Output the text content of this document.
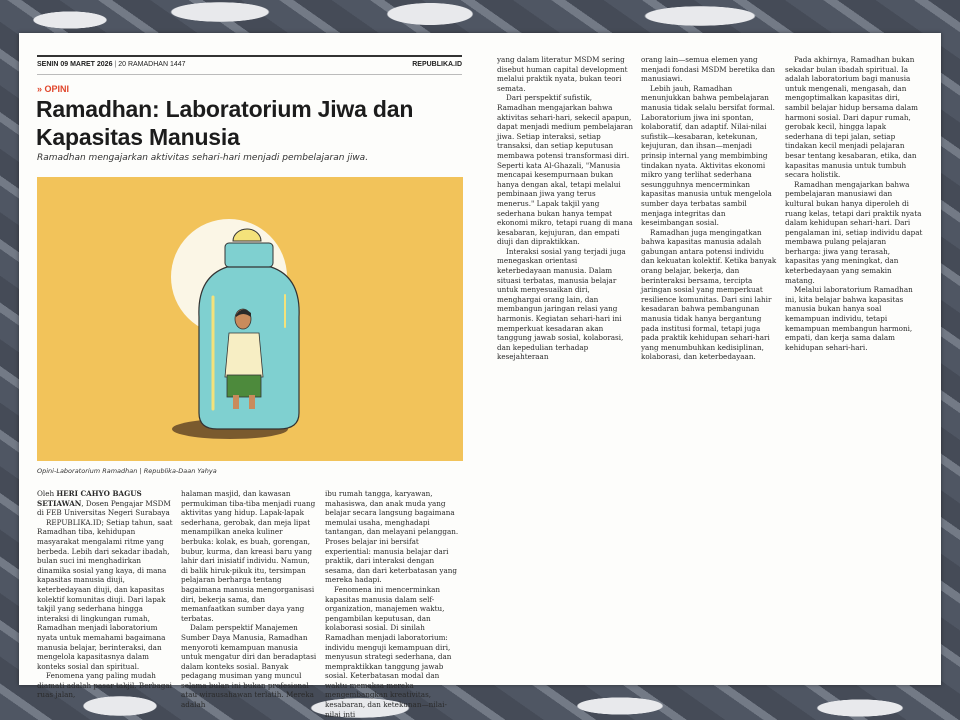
SENIN 09 MARET 2026 | 20 RAMADHAN 1447	REPUBLIKA.ID
» OPINI
Ramadhan: Laboratorium Jiwa dan Kapasitas Manusia
Ramadhan mengajarkan aktivitas sehari-hari menjadi pembelajaran jiwa.
Opini-Laboratorium Ramadhan | Republika-Daan Yahya

Oleh HERI CAHYO BAGUS SETIAWAN, Dosen Pengajar MSDM di FEB Universitas Negeri Surabaya

REPUBLIKA.ID; Setiap tahun, saat Ramadhan tiba, kehidupan masyarakat mengalami ritme yang berbeda. Lebih dari sekadar ibadah, bulan suci ini menghadirkan dinamika sosial yang kaya, di mana kapasitas manusia diuji, keterbedayaan diuji, dan kapasitas kolektif komunitas diuji. Dari lapak takjil yang sederhana hingga interaksi di lingkungan rumah, Ramadhan menjadi laboratorium nyata untuk memahami bagaimana manusia belajar, berinteraksi, dan mengelola kapasitasnya dalam konteks sosial dan spiritual.

Fenomena yang paling mudah diamati adalah pasar takjil. Berbagai ruas jalan,

halaman masjid, dan kawasan permukiman tiba-tiba menjadi ruang aktivitas yang hidup. Lapak-lapak sederhana, gerobak, dan meja lipat menampilkan aneka kuliner berbuka: kolak, es buah, gorengan, bubur, kurma, dan kreasi baru yang lahir dari inisiatif individu. Namun, di balik hiruk-pikuk itu, tersimpan pelajaran berharga tentang bagaimana manusia mengorganisasi diri, bekerja sama, dan memanfaatkan sumber daya yang terbatas.

Dalam perspektif Manajemen Sumber Daya Manusia, Ramadhan menyoroti kemampuan manusia untuk mengatur diri dan beradaptasi dalam konteks sosial. Banyak pedagang musiman yang muncul selama bulan ini bukan profesional atau wirausahawan terlatih. Mereka adalah

ibu rumah tangga, karyawan, mahasiswa, dan anak muda yang belajar secara langsung bagaimana memulai usaha, menghadapi tantangan, dan melayani pelanggan. Proses belajar ini bersifat experiential: manusia belajar dari praktik, dari interaksi dengan sesama, dan dari keterbatasan yang mereka hadapi.

Fenomena ini mencerminkan kapasitas manusia dalam self-organization, manajemen waktu, pengambilan keputusan, dan kolaborasi sosial. Di sinilah Ramadhan menjadi laboratorium: individu menguji kemampuan diri, menyusun strategi sederhana, dan mempraktikkan tanggung jawab sosial. Keterbatasan modal dan waktu memaksa mereka mengembangkan kreativitas, kesabaran, dan ketekunan—nilai-nilai inti

yang dalam literatur MSDM sering disebut human capital development melalui praktik nyata, bukan teori semata.

Dari perspektif sufistik, Ramadhan mengajarkan bahwa aktivitas sehari-hari, sekecil apapun, dapat menjadi medium pembelajaran jiwa. Setiap interaksi, setiap transaksi, dan setiap keputusan membawa potensi transformasi diri. Seperti kata Al-Ghazali, "Manusia mencapai kesempurnaan bukan hanya dengan akal, tetapi melalui pembinaan jiwa yang terus menerus." Lapak takjil yang sederhana bukan hanya tempat ekonomi mikro, tetapi ruang di mana kesabaran, kejujuran, dan empati diuji dan dipraktikkan.

Interaksi sosial yang terjadi juga menegaskan orientasi keterbedayaan manusia. Dalam situasi terbatas, manusia belajar untuk menyesuaikan diri, menghargai orang lain, dan membangun jaringan relasi yang harmonis. Kegiatan sehari-hari ini memperkuat kesadaran akan tanggung jawab sosial, kolaborasi, dan kepedulian terhadap kesejahteraan

orang lain—semua elemen yang menjadi fondasi MSDM beretika dan manusiawi.

Lebih jauh, Ramadhan menunjukkan bahwa pembelajaran manusia tidak selalu bersifat formal. Laboratorium jiwa ini spontan, kolaboratif, dan adaptif. Nilai-nilai sufistik—kesabaran, ketekunan, kejujuran, dan ihsan—menjadi prinsip internal yang membimbing tindakan nyata. Aktivitas ekonomi mikro yang terlihat sederhana sesungguhnya mencerminkan kapasitas manusia untuk mengelola sumber daya terbatas sambil menjaga integritas dan keseimbangan sosial.

Ramadhan juga mengingatkan bahwa kapasitas manusia adalah gabungan antara potensi individu dan kekuatan kolektif. Ketika banyak orang belajar, bekerja, dan berinteraksi bersama, tercipta jaringan sosial yang memperkuat resilience komunitas. Dari sini lahir kesadaran bahwa pembangunan manusia tidak hanya bergantung pada institusi formal, tetapi juga pada praktik kehidupan sehari-hari yang menumbuhkan kedisiplinan, kolaborasi, dan keterbedayaan.

Pada akhirnya, Ramadhan bukan sekadar bulan ibadah spiritual. Ia adalah laboratorium bagi manusia untuk mengenali, mengasah, dan mengoptimalkan kapasitas diri, sambil belajar hidup bersama dalam harmoni sosial. Dari dapur rumah, gerobak kecil, hingga lapak sederhana di tepi jalan, setiap tindakan kecil menjadi pelajaran besar tentang kesabaran, etika, dan kapasitas manusia untuk tumbuh secara holistik.

Ramadhan mengajarkan bahwa pembelajaran manusiawi dan kultural bukan hanya diperoleh di ruang kelas, tetapi dari praktik nyata dalam kehidupan sehari-hari. Dari pengalaman ini, setiap individu dapat membawa pulang pelajaran berharga: jiwa yang terasah, kapasitas yang meningkat, dan keterbedayaan yang semakin matang.

Melalui laboratorium Ramadhan ini, kita belajar bahwa kapasitas manusia bukan hanya soal kemampuan individu, tetapi kemampuan membangun harmoni, empati, dan kerja sama dalam kehidupan sehari-hari.
